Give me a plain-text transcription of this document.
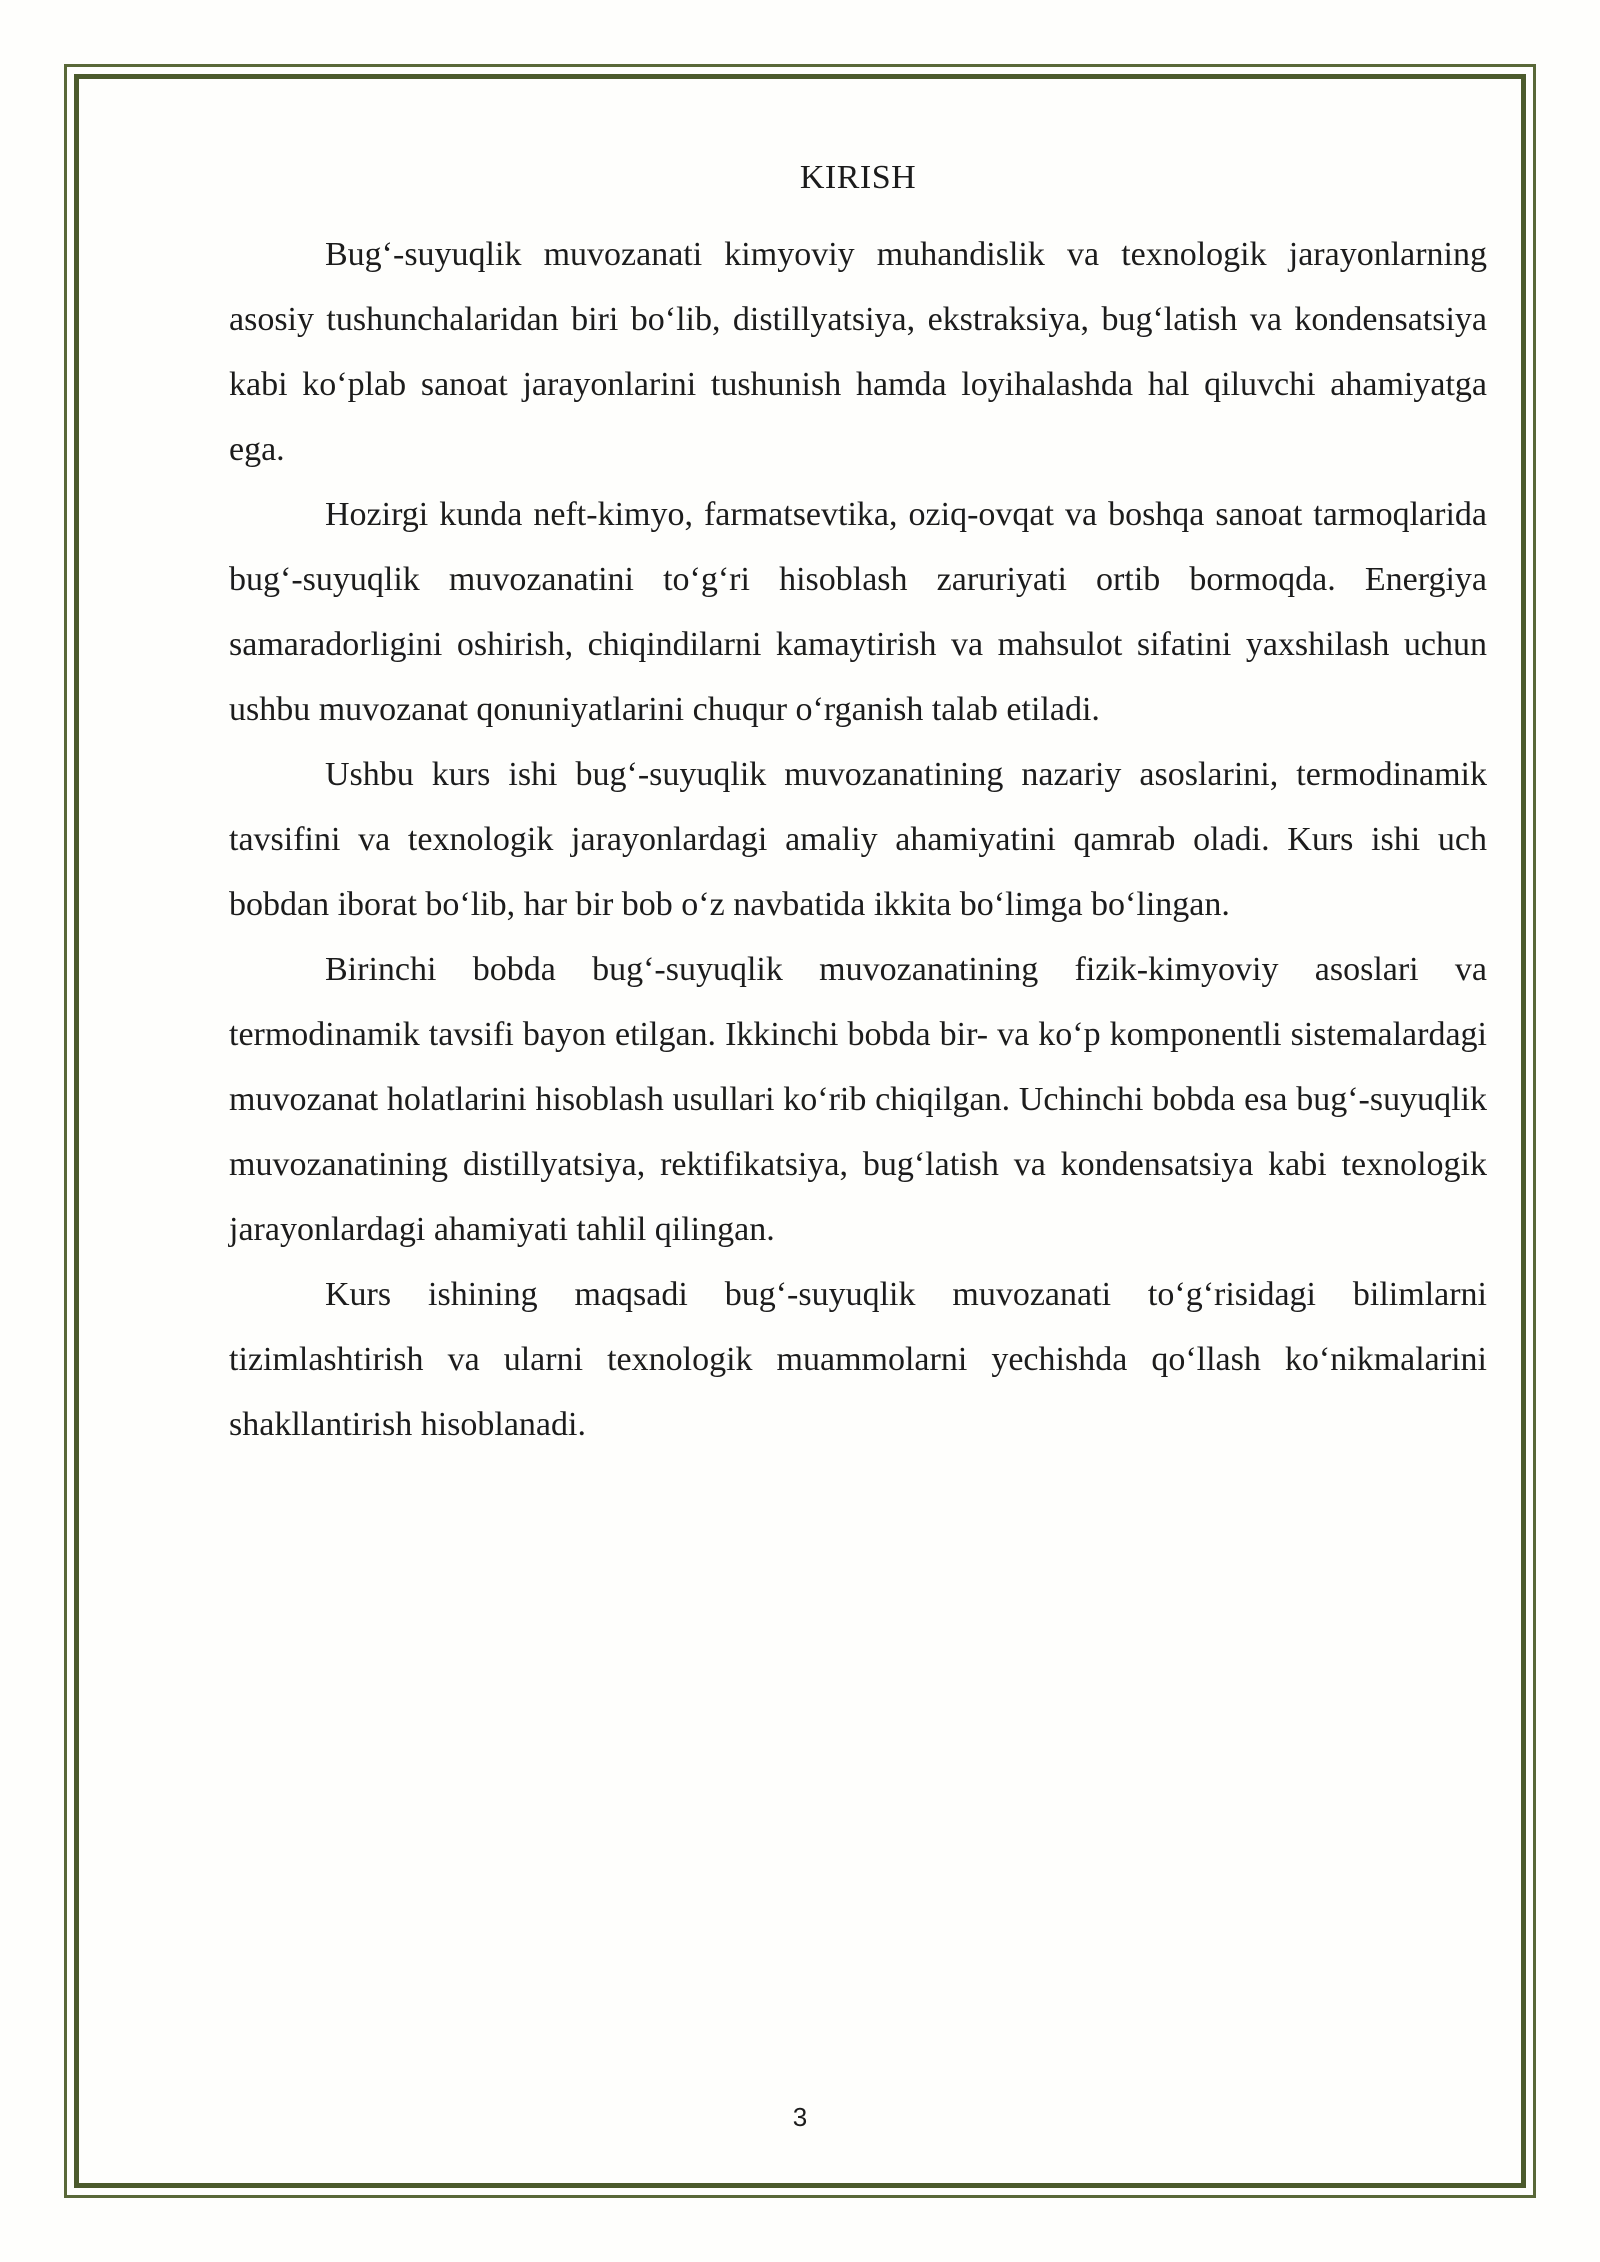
KIRISH

Bug‘-suyuqlik muvozanati kimyoviy muhandislik va texnologik jarayonlarning asosiy tushunchalaridan biri bo‘lib, distillyatsiya, ekstraksiya, bug‘latish va kondensatsiya kabi ko‘plab sanoat jarayonlarini tushunish hamda loyihalashda hal qiluvchi ahamiyatga ega.

Hozirgi kunda neft-kimyo, farmatsevtika, oziq-ovqat va boshqa sanoat tarmoqlarida bug‘-suyuqlik muvozanatini to‘g‘ri hisoblash zaruriyati ortib bormoqda. Energiya samaradorligini oshirish, chiqindilarni kamaytirish va mahsulot sifatini yaxshilash uchun ushbu muvozanat qonuniyatlarini chuqur o‘rganish talab etiladi.

Ushbu kurs ishi bug‘-suyuqlik muvozanatining nazariy asoslarini, termodinamik tavsifini va texnologik jarayonlardagi amaliy ahamiyatini qamrab oladi. Kurs ishi uch bobdan iborat bo‘lib, har bir bob o‘z navbatida ikkita bo‘limga bo‘lingan.

Birinchi bobda bug‘-suyuqlik muvozanatining fizik-kimyoviy asoslari va termodinamik tavsifi bayon etilgan. Ikkinchi bobda bir- va ko‘p komponentli sistemalardagi muvozanat holatlarini hisoblash usullari ko‘rib chiqilgan. Uchinchi bobda esa bug‘-suyuqlik muvozanatining distillyatsiya, rektifikatsiya, bug‘latish va kondensatsiya kabi texnologik jarayonlardagi ahamiyati tahlil qilingan.

Kurs ishining maqsadi bug‘-suyuqlik muvozanati to‘g‘risidagi bilimlarni tizimlashtirish va ularni texnologik muammolarni yechishda qo‘llash ko‘nikmalarini shakllantirish hisoblanadi.

3
